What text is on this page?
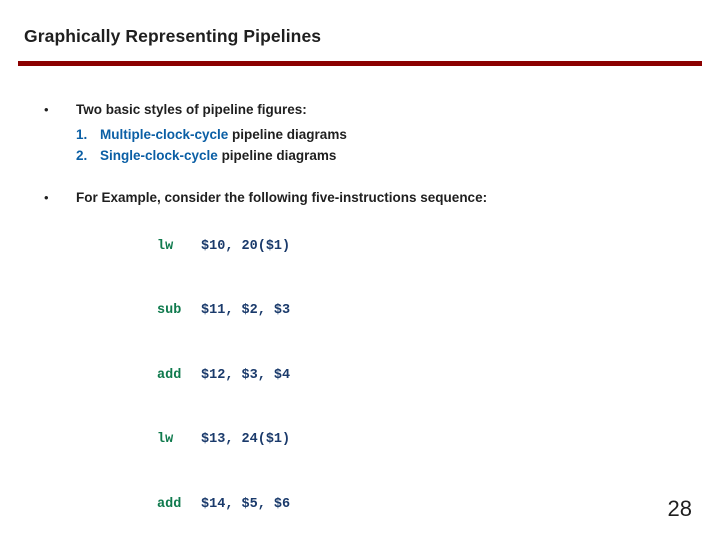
Graphically Representing Pipelines
• Two basic styles of pipeline figures:
1. Multiple-clock-cycle pipeline diagrams
2. Single-clock-cycle pipeline diagrams
• For Example, consider the following five-instructions sequence:

lw $10, 20($1)

sub $11, $2, $3

add $12, $3, $4

lw $13, 24($1)

add $14, $5, $6
	28
